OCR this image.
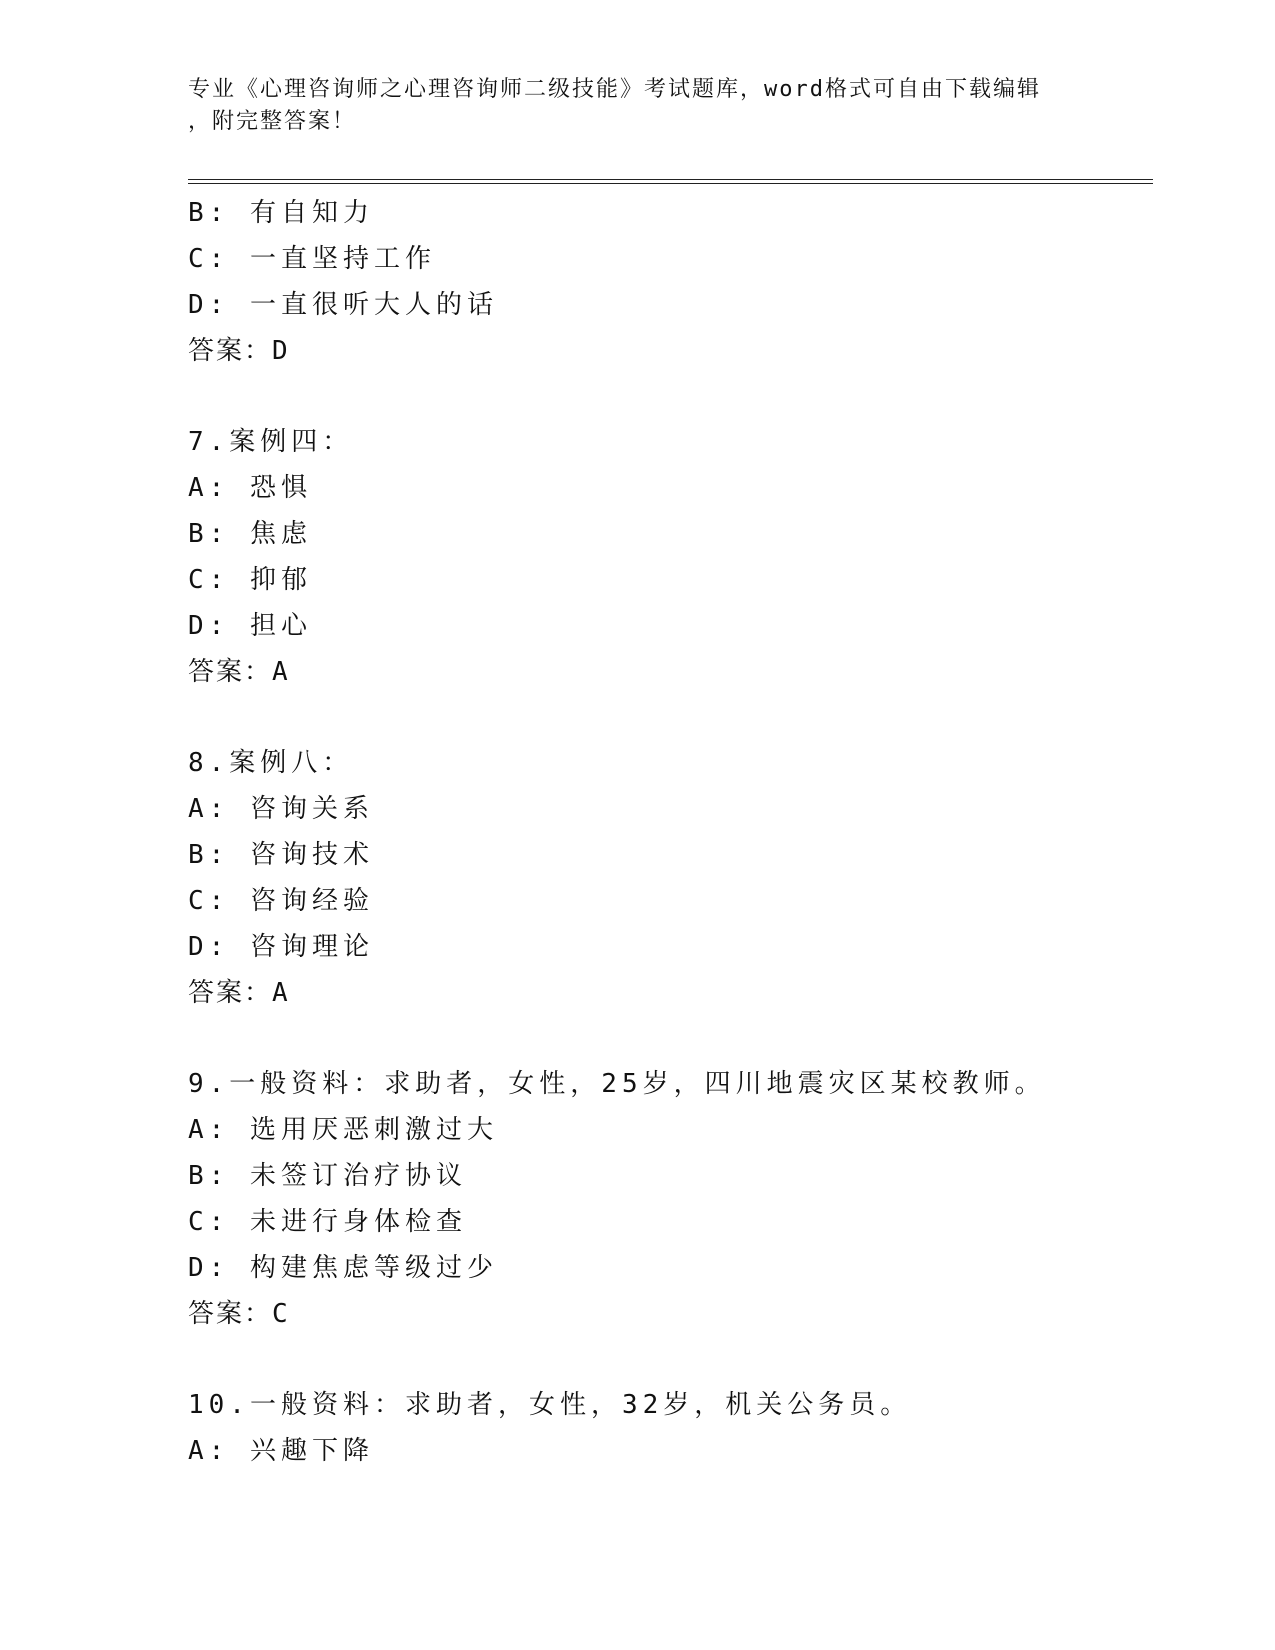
专业《心理咨询师之心理咨询师二级技能》考试题库，word格式可自由下载编辑
，附完整答案！
B: 有自知力
C: 一直坚持工作
D: 一直很听大人的话
答案：D
7.案例四：
A: 恐惧
B: 焦虑
C: 抑郁
D: 担心
答案：A
8.案例八：
A: 咨询关系
B: 咨询技术
C: 咨询经验
D: 咨询理论
答案：A
9.一般资料：求助者，女性，25岁，四川地震灾区某校教师。
A: 选用厌恶刺激过大
B: 未签订治疗协议
C: 未进行身体检查
D: 构建焦虑等级过少
答案：C
10.一般资料：求助者，女性，32岁，机关公务员。
A: 兴趣下降
